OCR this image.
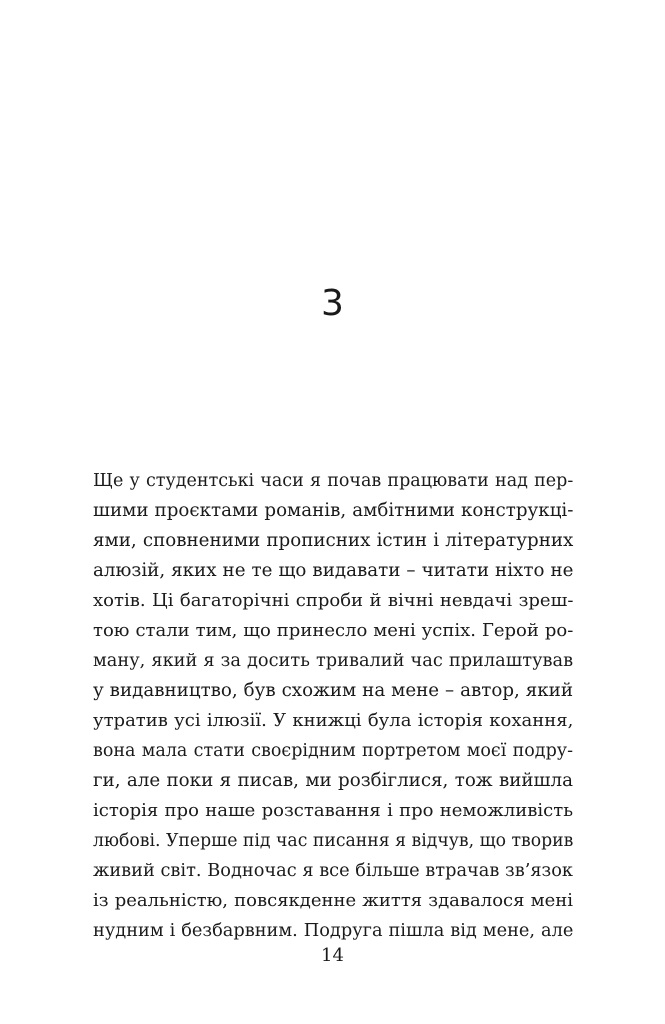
3
Ще у студентські часи я почав працювати над пер-
шими проєктами романів, амбітними конструкці-
ями, сповненими прописних істин і літературних
алюзій, яких не те що видавати – читати ніхто не
хотів. Ці багаторічні спроби й вічні невдачі зреш-
тою стали тим, що принесло мені успіх. Герой ро-
ману, який я за досить тривалий час прилаштував
у видавництво, був схожим на мене – автор, який
утратив усі ілюзії. У книжці була історія кохання,
вона мала стати своєрідним портретом моєї подру-
ги, але поки я писав, ми розбіглися, тож вийшла
історія про наше розставання і про неможливість
любові. Уперше під час писання я відчув, що творив
живий світ. Водночас я все більше втрачав зв’язок
із реальністю, повсякденне життя здавалося мені
нудним і безбарвним. Подруга пішла від мене, але
14
